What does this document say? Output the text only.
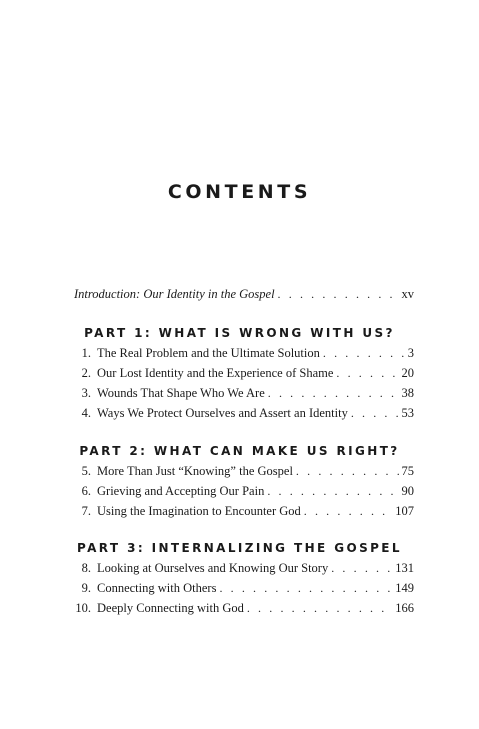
CONTENTS
Introduction: Our Identity in the Gospel . . .	xv
PART 1: WHAT IS WRONG WITH US?
1. The Real Problem and the Ultimate Solution . . .	3
2. Our Lost Identity and the Experience of Shame . . .	20
3. Wounds That Shape Who We Are . . .	38
4. Ways We Protect Ourselves and Assert an Identity . . .	53
PART 2: WHAT CAN MAKE US RIGHT?
5. More Than Just “Knowing” the Gospel . . .	75
6. Grieving and Accepting Our Pain . . .	90
7. Using the Imagination to Encounter God . . .	107
PART 3: INTERNALIZING THE GOSPEL
8. Looking at Ourselves and Knowing Our Story . . .	131
9. Connecting with Others . . .	149
10. Deeply Connecting with God . . .	166
